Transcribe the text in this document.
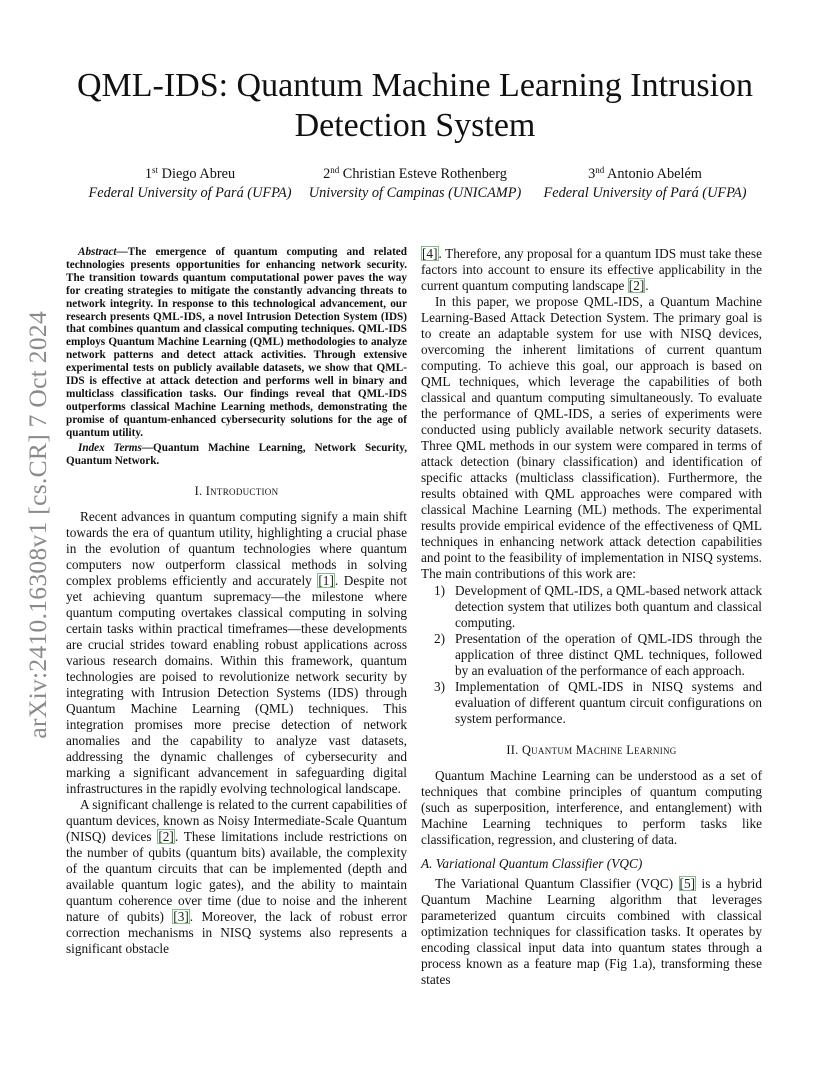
arXiv:2410.16308v1 [cs.CR] 7 Oct 2024
QML-IDS: Quantum Machine Learning Intrusion Detection System
1st Diego Abreu
Federal University of Pará (UFPA)
2nd Christian Esteve Rothenberg
University of Campinas (UNICAMP)
3nd Antonio Abelém
Federal University of Pará (UFPA)

Abstract—The emergence of quantum computing and related technologies presents opportunities for enhancing network security. The transition towards quantum computational power paves the way for creating strategies to mitigate the constantly advancing threats to network integrity. In response to this technological advancement, our research presents QML-IDS, a novel Intrusion Detection System (IDS) that combines quantum and classical computing techniques. QML-IDS employs Quantum Machine Learning (QML) methodologies to analyze network patterns and detect attack activities. Through extensive experimental tests on publicly available datasets, we show that QML-IDS is effective at attack detection and performs well in binary and multiclass classification tasks. Our findings reveal that QML-IDS outperforms classical Machine Learning methods, demonstrating the promise of quantum-enhanced cybersecurity solutions for the age of quantum utility.

Index Terms—Quantum Machine Learning, Network Security, Quantum Network.

I. Introduction

Recent advances in quantum computing signify a main shift towards the era of quantum utility, highlighting a crucial phase in the evolution of quantum technologies where quantum computers now outperform classical methods in solving complex problems efficiently and accurately [1]. Despite not yet achieving quantum supremacy—the milestone where quantum computing overtakes classical computing in solving certain tasks within practical timeframes—these developments are crucial strides toward enabling robust applications across various research domains. Within this framework, quantum technologies are poised to revolutionize network security by integrating with Intrusion Detection Systems (IDS) through Quantum Machine Learning (QML) techniques. This integration promises more precise detection of network anomalies and the capability to analyze vast datasets, addressing the dynamic challenges of cybersecurity and marking a significant advancement in safeguarding digital infrastructures in the rapidly evolving technological landscape.

A significant challenge is related to the current capabilities of quantum devices, known as Noisy Intermediate-Scale Quantum (NISQ) devices [2]. These limitations include restrictions on the number of qubits (quantum bits) available, the complexity of the quantum circuits that can be implemented (depth and available quantum logic gates), and the ability to maintain quantum coherence over time (due to noise and the inherent nature of qubits) [3]. Moreover, the lack of robust error correction mechanisms in NISQ systems also represents a significant obstacle

[4]. Therefore, any proposal for a quantum IDS must take these factors into account to ensure its effective applicability in the current quantum computing landscape [2].

In this paper, we propose QML-IDS, a Quantum Machine Learning-Based Attack Detection System. The primary goal is to create an adaptable system for use with NISQ devices, overcoming the inherent limitations of current quantum computing. To achieve this goal, our approach is based on QML techniques, which leverage the capabilities of both classical and quantum computing simultaneously. To evaluate the performance of QML-IDS, a series of experiments were conducted using publicly available network security datasets. Three QML methods in our system were compared in terms of attack detection (binary classification) and identification of specific attacks (multiclass classification). Furthermore, the results obtained with QML approaches were compared with classical Machine Learning (ML) methods. The experimental results provide empirical evidence of the effectiveness of QML techniques in enhancing network attack detection capabilities and point to the feasibility of implementation in NISQ systems. The main contributions of this work are:

1) Development of QML-IDS, a QML-based network attack detection system that utilizes both quantum and classical computing.
2) Presentation of the operation of QML-IDS through the application of three distinct QML techniques, followed by an evaluation of the performance of each approach.
3) Implementation of QML-IDS in NISQ systems and evaluation of different quantum circuit configurations on system performance.

II. Quantum Machine Learning

Quantum Machine Learning can be understood as a set of techniques that combine principles of quantum computing (such as superposition, interference, and entanglement) with Machine Learning techniques to perform tasks like classification, regression, and clustering of data.

A. Variational Quantum Classifier (VQC)

The Variational Quantum Classifier (VQC) [5] is a hybrid Quantum Machine Learning algorithm that leverages parameterized quantum circuits combined with classical optimization techniques for classification tasks. It operates by encoding classical input data into quantum states through a process known as a feature map (Fig 1.a), transforming these states
